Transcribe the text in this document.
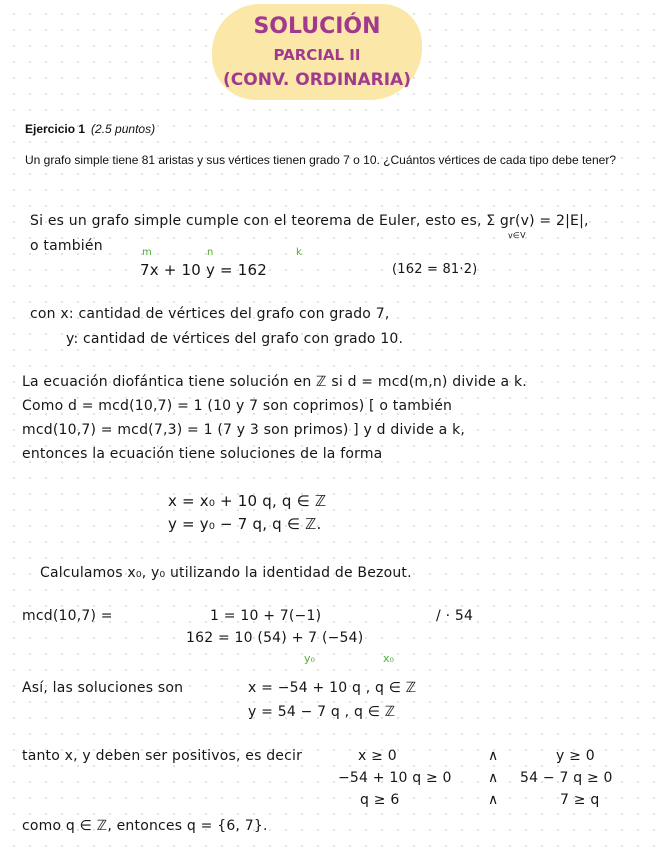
SOLUCIÓN
PARCIAL II
(CONV. ORDINARIA)
Ejercicio 1 (2.5 puntos)
Un grafo simple tiene 81 aristas y sus vértices tienen grado 7 o 10. ¿Cuántos vértices de cada tipo debe tener?
Si es un grafo simple cumple con el teorema de Euler, esto es, Σ gr(v) = 2|E|,
v∈V
o también	m	n	k
7x + 10 y = 162	(162 = 81·2)
con x: cantidad de vértices del grafo con grado 7,
y: cantidad de vértices del grafo con grado 10.
La ecuación diofántica tiene solución en ℤ si d = mcd(m,n) divide a k.
Como d = mcd(10,7) = 1 (10 y 7 son coprimos) [ o también
mcd(10,7) = mcd(7,3) = 1 (7 y 3 son primos) ] y d divide a k,
entonces la ecuación tiene soluciones de la forma
x = x₀ + 10 q, q ∈ ℤ
y = y₀ − 7 q, q ∈ ℤ.
Calculamos x₀, y₀ utilizando la identidad de Bezout.
mcd(10,7) =	1 = 10 + 7(−1)	/ · 54
162 = 10 (54) + 7 (−54)
y₀	x₀
Así, las soluciones son	x = −54 + 10 q , q ∈ ℤ
y = 54 − 7 q , q ∈ ℤ
tanto x, y deben ser positivos, es decir	x ≥ 0	∧	y ≥ 0
−54 + 10 q ≥ 0	∧ 54 − 7 q ≥ 0
q ≥ 6	∧	7 ≥ q
como q ∈ ℤ, entonces q = {6, 7}.
